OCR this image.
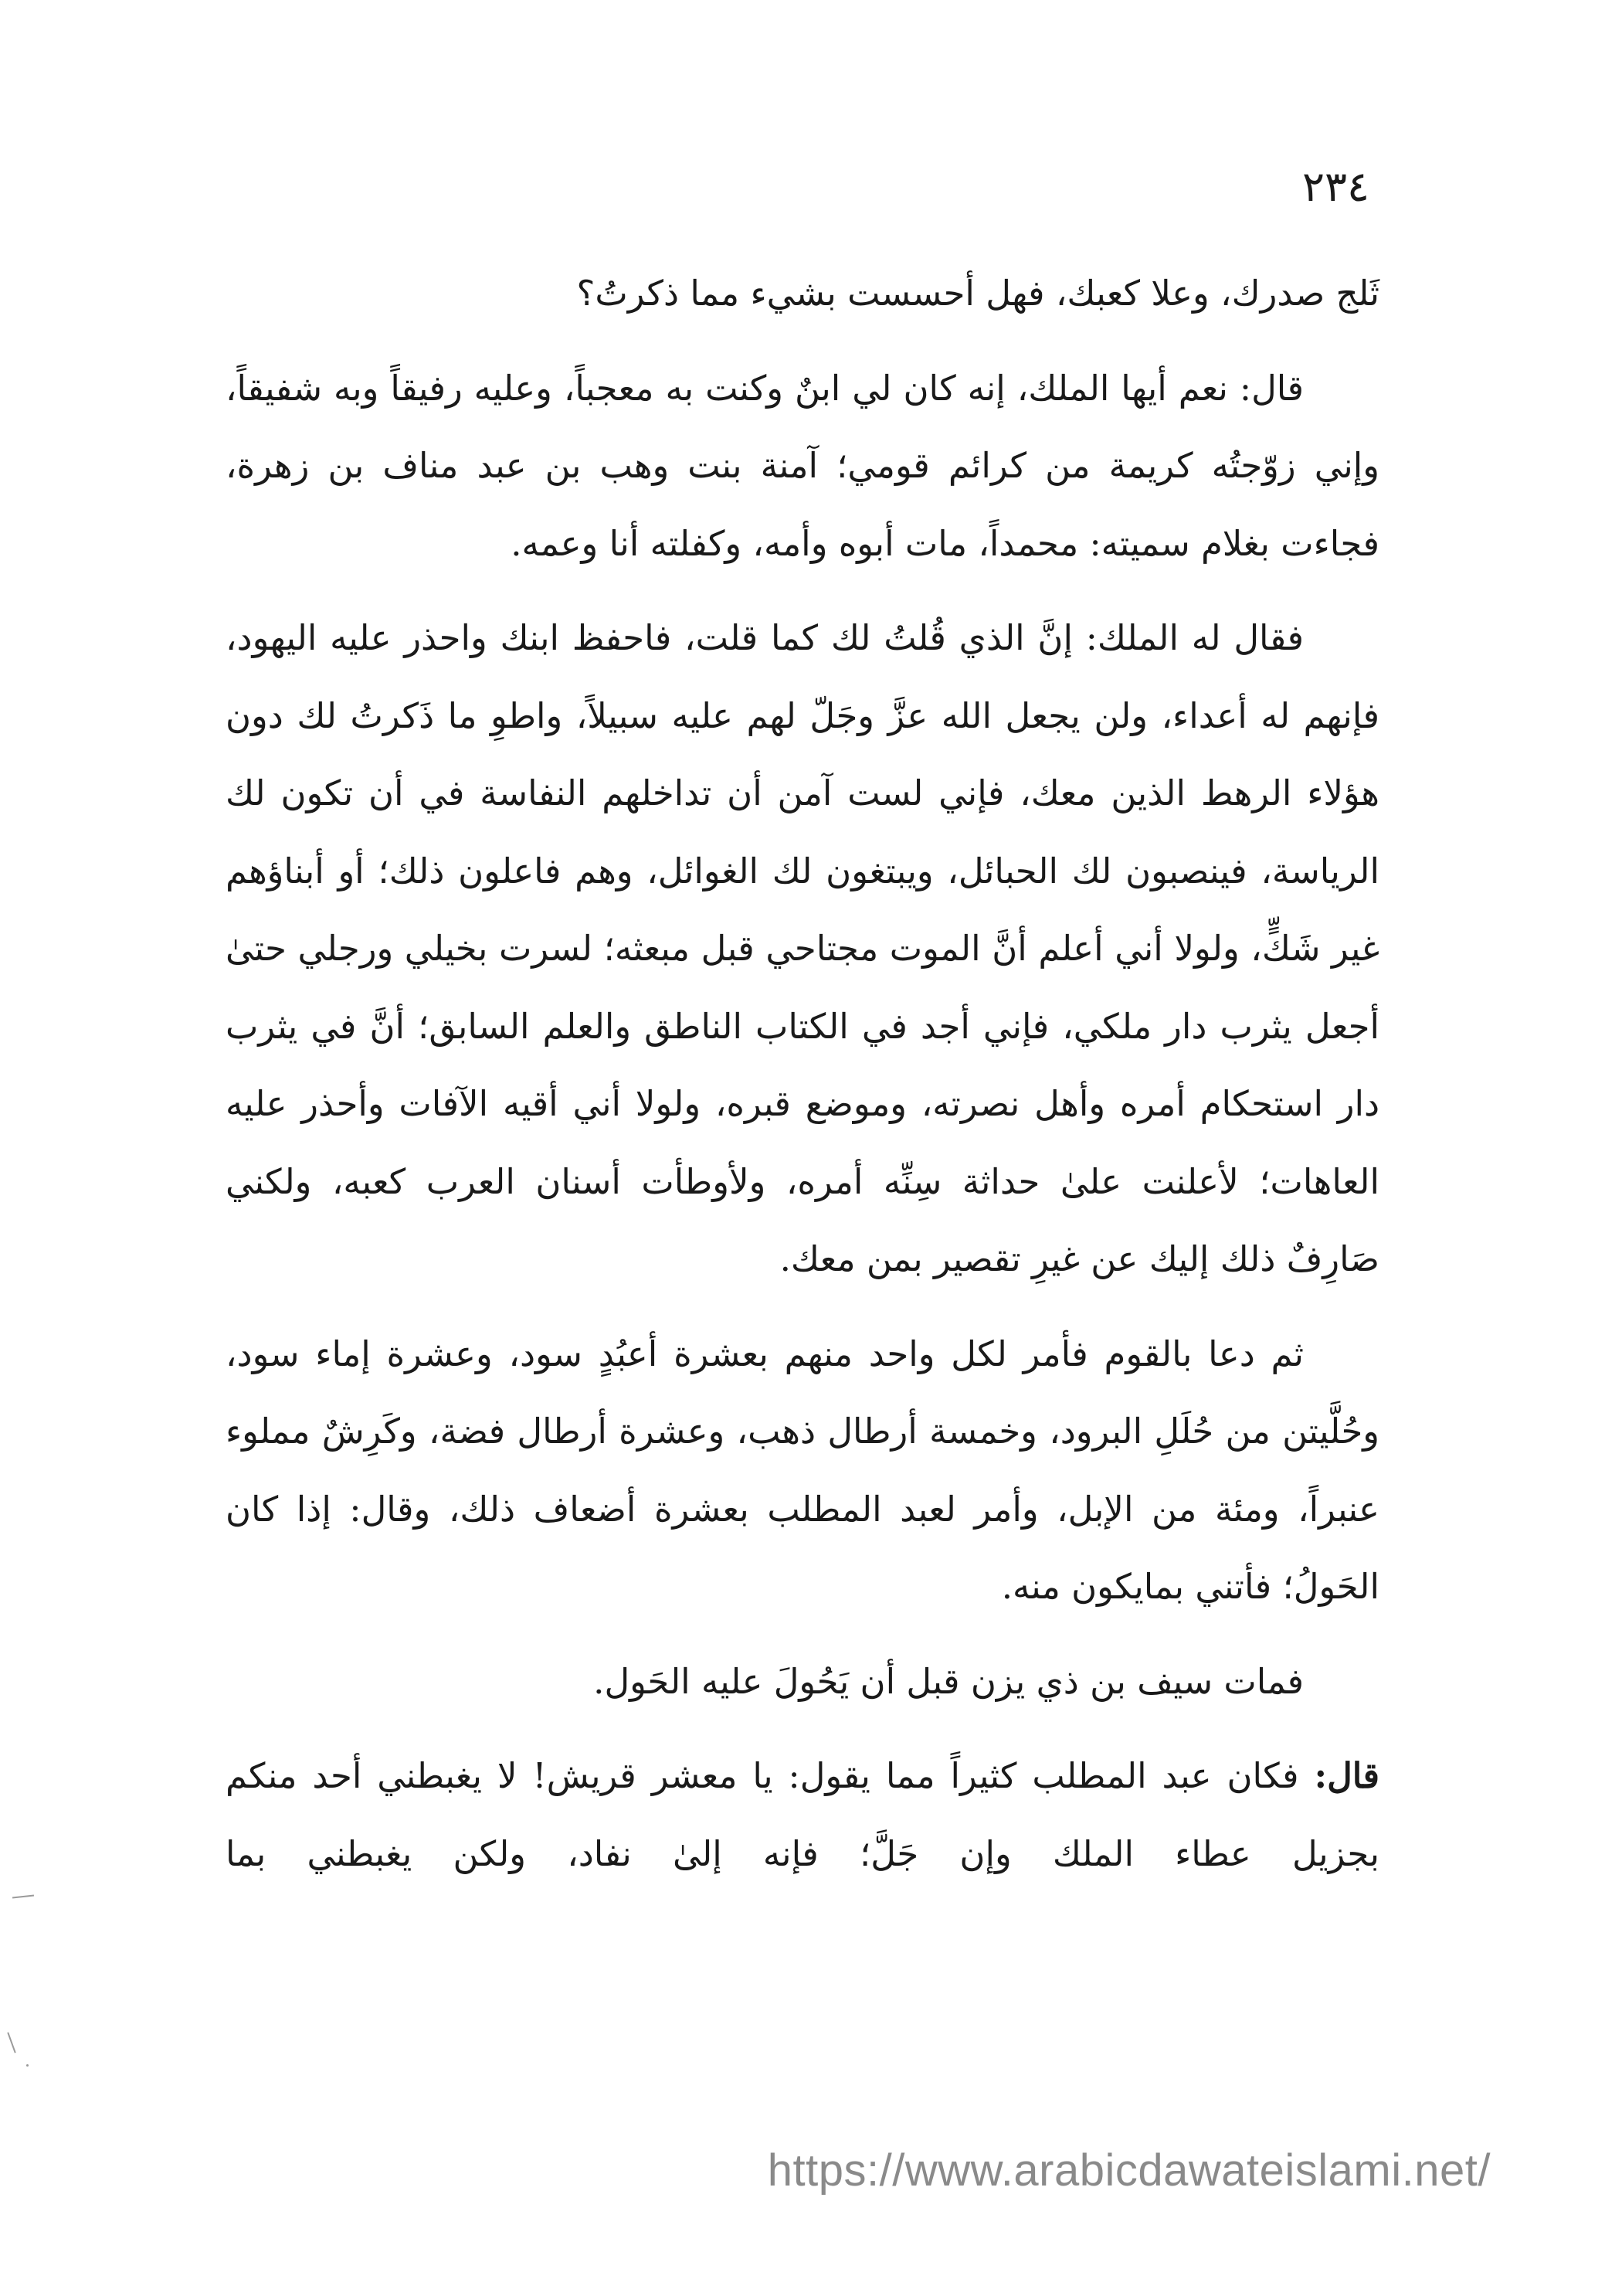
٢٣٤

ثَلج صدرك، وعلا كعبك، فهل أحسست بشيء مما ذكرتُ؟

قال: نعم أيها الملك، إنه كان لي ابنٌ وكنت به معجباً، وعليه رفيقاً وبه شفيقاً، وإني زوّجتُه كريمة من كرائم قومي؛ آمنة بنت وهب بن عبد مناف بن زهرة، فجاءت بغلام سميته: محمداً، مات أبوه وأمه، وكفلته أنا وعمه.

فقال له الملك: إنَّ الذي قُلتُ لك كما قلت، فاحفظ ابنك واحذر عليه اليهود، فإنهم له أعداء، ولن يجعل الله عزَّ وجَلّ لهم عليه سبيلاً، واطوِ ما ذَكرتُ لك دون هؤلاء الرهط الذين معك، فإني لست آمن أن تداخلهم النفاسة في أن تكون لك الرياسة، فينصبون لك الحبائل، ويبتغون لك الغوائل، وهم فاعلون ذلك؛ أو أبناؤهم غير شَكٍّ، ولولا أني أعلم أنَّ الموت مجتاحي قبل مبعثه؛ لسرت بخيلي ورجلي حتىٰ أجعل يثرب دار ملكي، فإني أجد في الكتاب الناطق والعلم السابق؛ أنَّ في يثرب دار استحكام أمره وأهل نصرته، وموضع قبره، ولولا أني أقيه الآفات وأحذر عليه العاهات؛ لأعلنت علىٰ حداثة سِنِّه أمره، ولأوطأت أسنان العرب كعبه، ولكني صَارِفٌ ذلك إليك عن غيرِ تقصير بمن معك.

ثم دعا بالقوم فأمر لكل واحد منهم بعشرة أعبُدٍ سود، وعشرة إماء سود، وحُلَّيتن من حُلَلِ البرود، وخمسة أرطال ذهب، وعشرة أرطال فضة، وكَرِشٌ مملوء عنبراً، ومئة من الإبل، وأمر لعبد المطلب بعشرة أضعاف ذلك، وقال: إذا كان الحَولُ؛ فأتني بمايكون منه.

فمات سيف بن ذي يزن قبل أن يَحُولَ عليه الحَول.

قال: فكان عبد المطلب كثيراً مما يقول: يا معشر قريش! لا يغبطني أحد منكم بجزيل عطاء الملك وإن جَلَّ؛ فإنه إلىٰ نفاد، ولكن يغبطني بما

https://www.arabicdawateislami.net/
